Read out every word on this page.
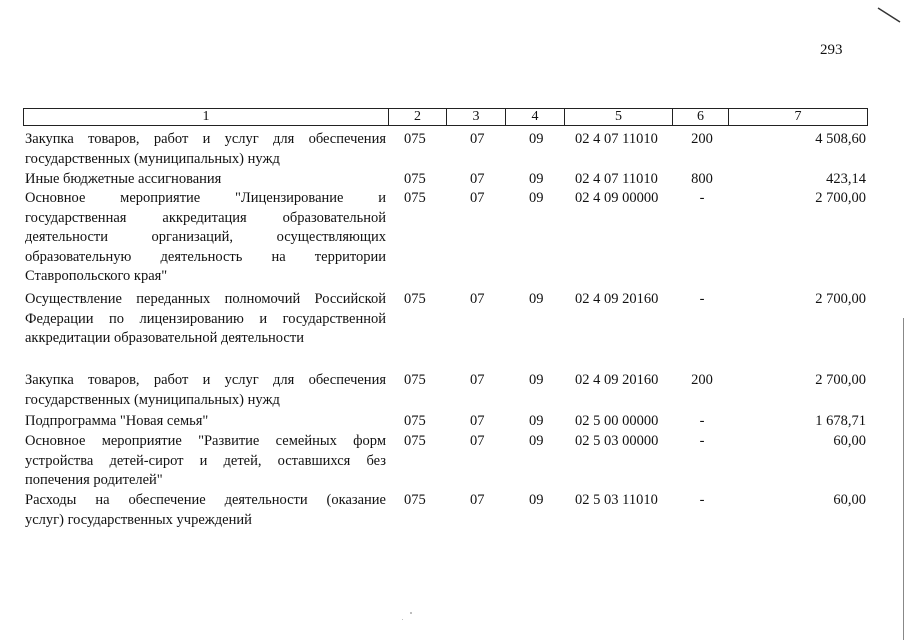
293
1	2	3	4	5	6	7
Закупка товаров, работ и услуг для обеспечения
государственных (муниципальных) нужд
075	07	09	02 4 07 11010	200	4 508,60
Иные бюджетные ассигнования	075	07	09	02 4 07 11010	800	423,14
Основное мероприятие "Лицензирование и
государственная аккредитация образовательной
деятельности организаций, осуществляющих
образовательную деятельность на территории
Ставропольского края"
075	07	09	02 4 09 00000	-	2 700,00
Осуществление переданных полномочий Российской
Федерации по лицензированию и государственной
аккредитации образовательной деятельности
075	07	09	02 4 09 20160	-	2 700,00
Закупка товаров, работ и услуг для обеспечения
государственных (муниципальных) нужд
075	07	09	02 4 09 20160	200	2 700,00
Подпрограмма "Новая семья"	075	07	09	02 5 00 00000	-	1 678,71
Основное мероприятие "Развитие семейных форм
устройства детей-сирот и детей, оставшихся без
попечения родителей"
075	07	09	02 5 03 00000	-	60,00
Расходы на обеспечение деятельности (оказание
услуг) государственных учреждений
075	07	09	02 5 03 11010	-	60,00
